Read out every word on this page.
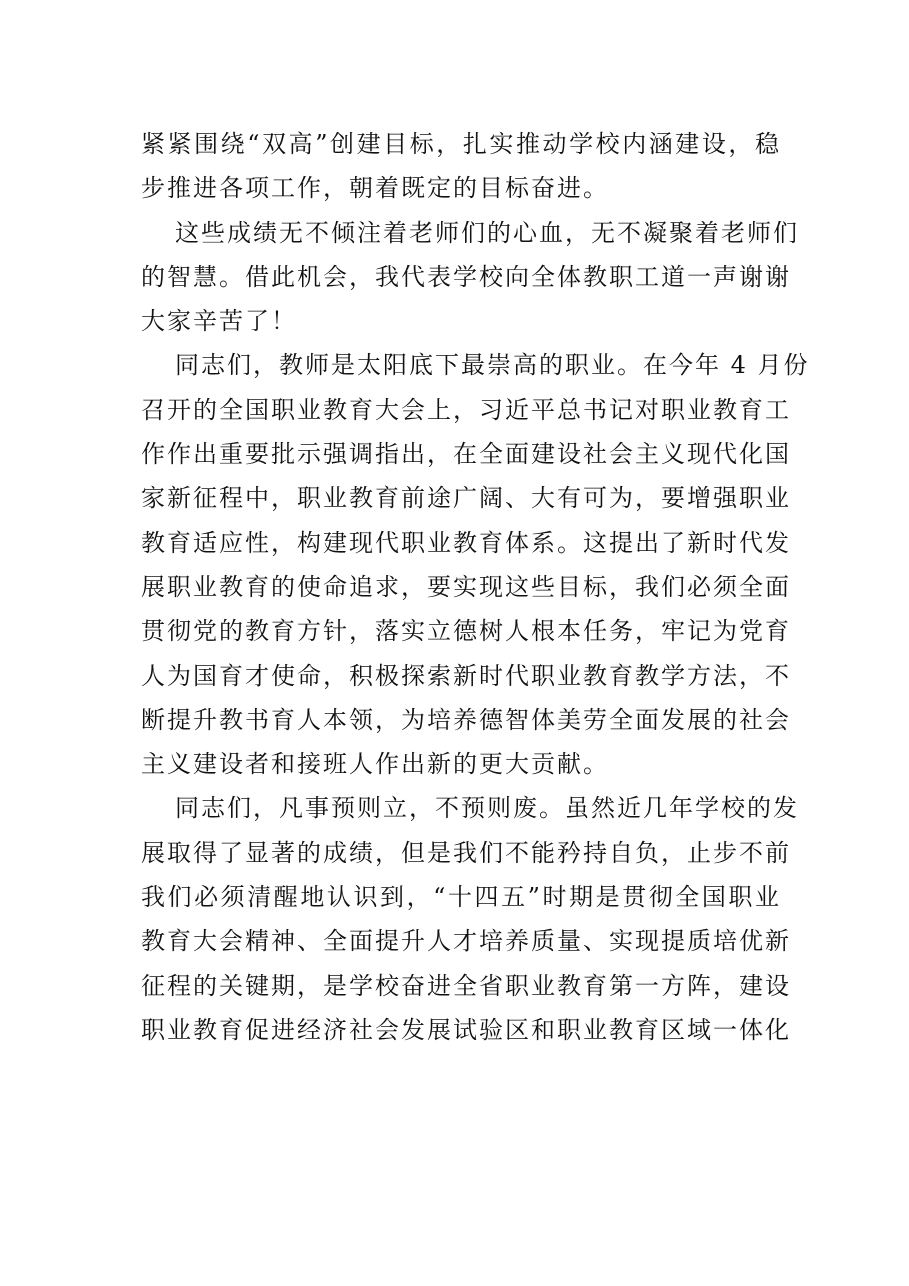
紧紧围绕“双高”创建目标，扎实推动学校内涵建设，稳
步推进各项工作，朝着既定的目标奋进。
这些成绩无不倾注着老师们的心血，无不凝聚着老师们
的智慧。借此机会，我代表学校向全体教职工道一声谢谢
大家辛苦了！
同志们，教师是太阳底下最崇高的职业。在今年 4 月份
召开的全国职业教育大会上，习近平总书记对职业教育工
作作出重要批示强调指出，在全面建设社会主义现代化国
家新征程中，职业教育前途广阔、大有可为，要增强职业
教育适应性，构建现代职业教育体系。这提出了新时代发
展职业教育的使命追求，要实现这些目标，我们必须全面
贯彻党的教育方针，落实立德树人根本任务，牢记为党育
人为国育才使命，积极探索新时代职业教育教学方法，不
断提升教书育人本领，为培养德智体美劳全面发展的社会
主义建设者和接班人作出新的更大贡献。
同志们，凡事预则立，不预则废。虽然近几年学校的发
展取得了显著的成绩，但是我们不能矜持自负，止步不前
我们必须清醒地认识到，“十四五”时期是贯彻全国职业
教育大会精神、全面提升人才培养质量、实现提质培优新
征程的关键期，是学校奋进全省职业教育第一方阵，建设
职业教育促进经济社会发展试验区和职业教育区域一体化
